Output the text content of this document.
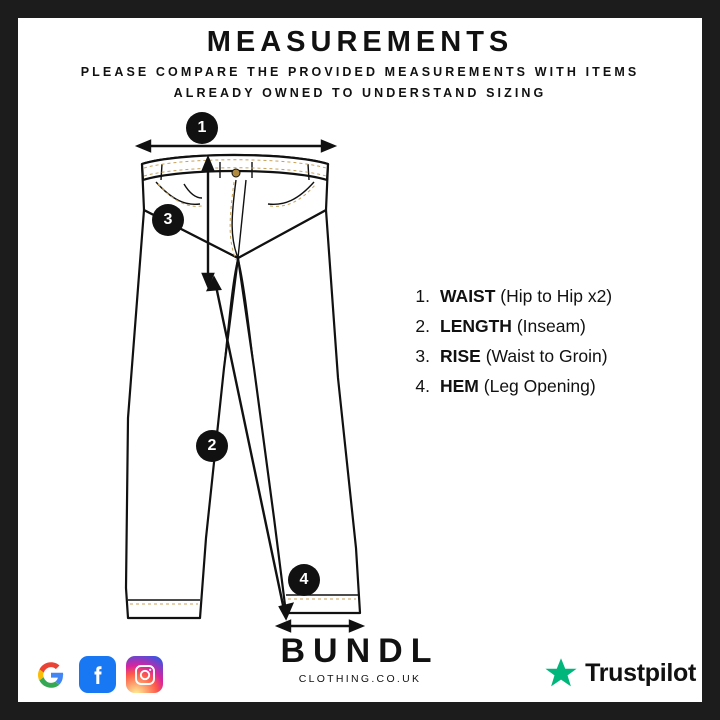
MEASUREMENTS
PLEASE COMPARE THE PROVIDED MEASUREMENTS WITH ITEMS ALREADY OWNED TO UNDERSTAND SIZING
1
3
2
4
1. WAIST (Hip to Hip x2)
2. LENGTH (Inseam)
3. RISE (Waist to Groin)
4. HEM (Leg Opening)
BUNDL
CLOTHING.CO.UK	Trustpilot
